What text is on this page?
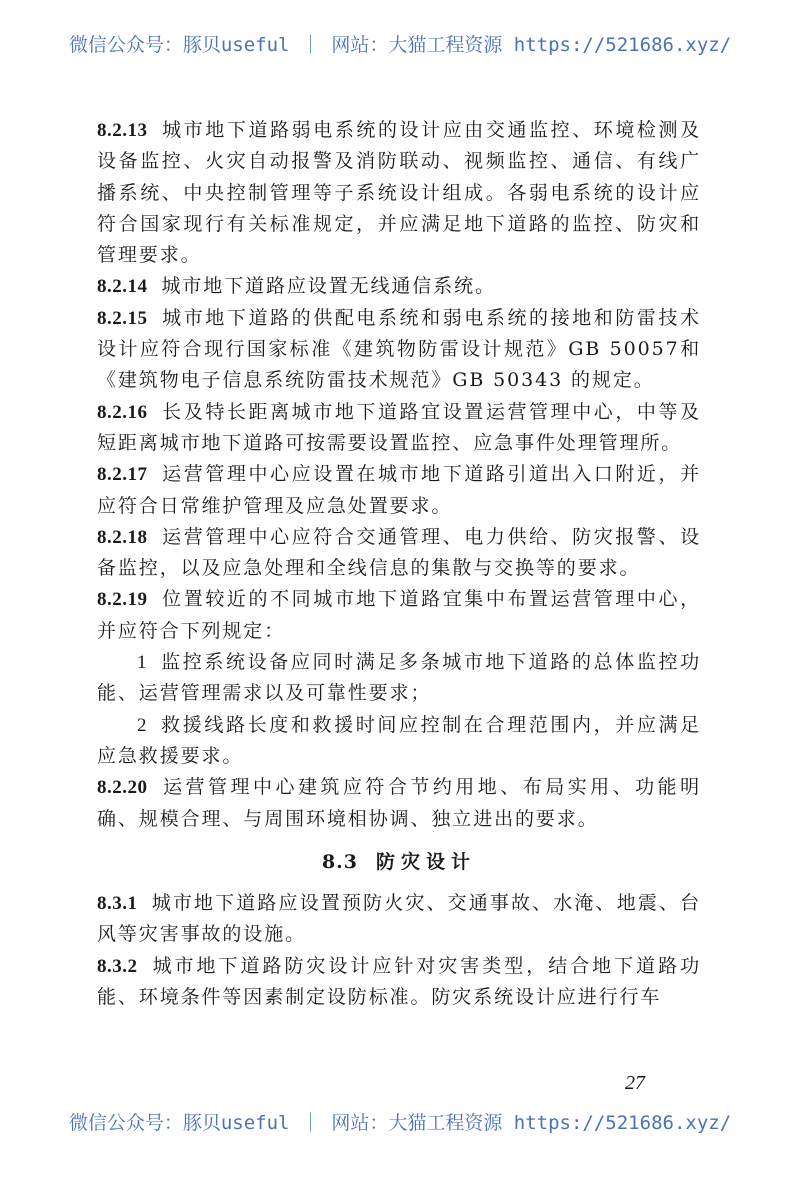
微信公众号：豚贝useful ｜ 网站：大猫工程资源 https://521686.xyz/

8.2.13 城市地下道路弱电系统的设计应由交通监控、环境检测及设备监控、火灾自动报警及消防联动、视频监控、通信、有线广播系统、中央控制管理等子系统设计组成。各弱电系统的设计应符合国家现行有关标准规定，并应满足地下道路的监控、防灾和管理要求。

8.2.14 城市地下道路应设置无线通信系统。

8.2.15 城市地下道路的供配电系统和弱电系统的接地和防雷技术设计应符合现行国家标准《建筑物防雷设计规范》GB 50057和《建筑物电子信息系统防雷技术规范》GB 50343 的规定。

8.2.16 长及特长距离城市地下道路宜设置运营管理中心，中等及短距离城市地下道路可按需要设置监控、应急事件处理管理所。

8.2.17 运营管理中心应设置在城市地下道路引道出入口附近，并应符合日常维护管理及应急处置要求。

8.2.18 运营管理中心应符合交通管理、电力供给、防灾报警、设备监控，以及应急处理和全线信息的集散与交换等的要求。

8.2.19 位置较近的不同城市地下道路宜集中布置运营管理中心，并应符合下列规定：

1 监控系统设备应同时满足多条城市地下道路的总体监控功能、运营管理需求以及可靠性要求；

2 救援线路长度和救援时间应控制在合理范围内，并应满足应急救援要求。

8.2.20 运营管理中心建筑应符合节约用地、布局实用、功能明确、规模合理、与周围环境相协调、独立进出的要求。

8.3 防灾设计

8.3.1 城市地下道路应设置预防火灾、交通事故、水淹、地震、台风等灾害事故的设施。

8.3.2 城市地下道路防灾设计应针对灾害类型，结合地下道路功能、环境条件等因素制定设防标准。防灾系统设计应进行行车

27
微信公众号：豚贝useful ｜ 网站：大猫工程资源 https://521686.xyz/
